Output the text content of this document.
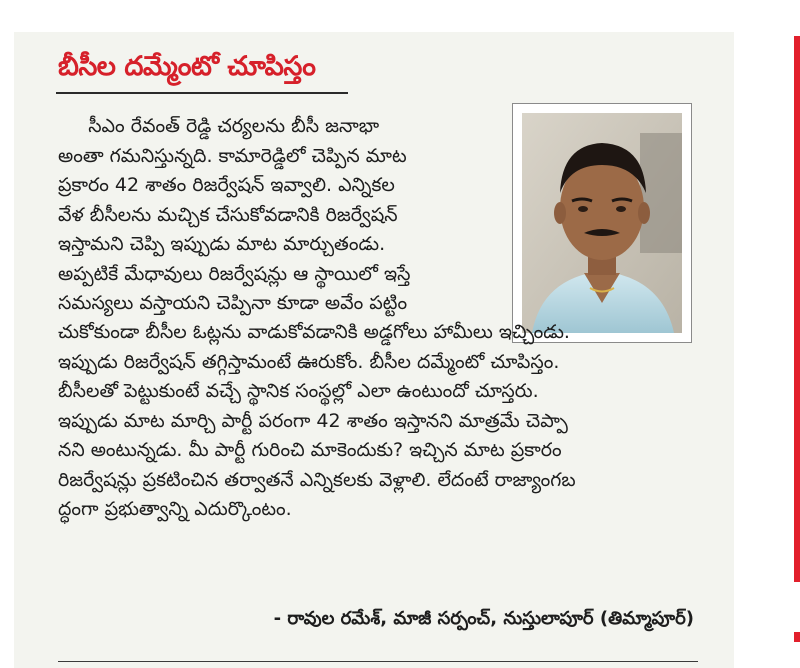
బీసీల దమ్మేంటో చూపిస్తం
సీఎం రేవంత్ రెడ్డి చర్యలను బీసీ జనాభా
అంతా గమనిస్తున్నది. కామారెడ్డిలో చెప్పిన మాట
ప్రకారం 42 శాతం రిజర్వేషన్ ఇవ్వాలి. ఎన్నికల
వేళ బీసీలను మచ్చిక చేసుకోవడానికి రిజర్వేషన్
ఇస్తామని చెప్పి ఇప్పుడు మాట మార్చుతండు.
అప్పటికే మేధావులు రిజర్వేషన్లు ఆ స్థాయిలో ఇస్తే
సమస్యలు వస్తాయని చెప్పినా కూడా అవేం పట్టిం
చుకోకుండా బీసీల ఓట్లను వాడుకోవడానికి అడ్డగోలు హామీలు ఇచ్చిండు.
ఇప్పుడు రిజర్వేషన్ తగ్గిస్తామంటే ఊరుకోం. బీసీల దమ్మేంటో చూపిస్తం.
బీసీలతో పెట్టుకుంటే వచ్చే స్థానిక సంస్థల్లో ఎలా ఉంటుందో చూస్తరు.
ఇప్పుడు మాట మార్చి పార్టీ పరంగా 42 శాతం ఇస్తానని మాత్రమే చెప్పా
నని అంటున్నడు. మీ పార్టీ గురించి మాకెందుకు? ఇచ్చిన మాట ప్రకారం
రిజర్వేషన్లు ప్రకటించిన తర్వాతనే ఎన్నికలకు వెళ్లాలి. లేదంటే రాజ్యాంగబ
ద్ధంగా ప్రభుత్వాన్ని ఎదుర్కొంటం.
- రావుల రమేశ్, మాజీ సర్పంచ్, నుస్తులాపూర్ (తిమ్మాపూర్)
